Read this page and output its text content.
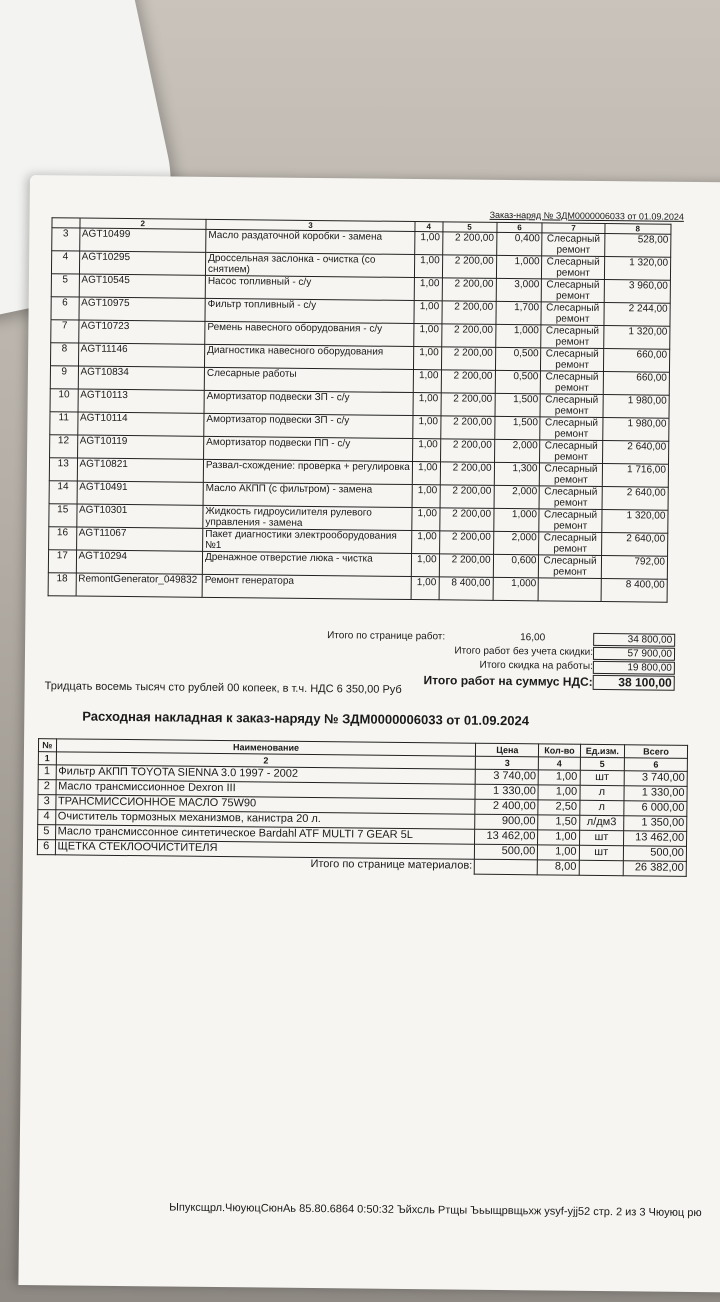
Заказ-наряд № ЗДМ0000006033 от 01.09.2024
	2	3	4	5	6	7	8
3	AGT10499	Масло раздаточной коробки - замена	1,00	2 200,00	0,400	Слесарный ремонт	528,00
4	AGT10295	Дроссельная заслонка - очистка (со снятием)	1,00	2 200,00	1,000	Слесарный ремонт	1 320,00
5	AGT10545	Насос топливный - с/у	1,00	2 200,00	3,000	Слесарный ремонт	3 960,00
6	AGT10975	Фильтр топливный - с/у	1,00	2 200,00	1,700	Слесарный ремонт	2 244,00
7	AGT10723	Ремень навесного оборудования - с/у	1,00	2 200,00	1,000	Слесарный ремонт	1 320,00
8	AGT11146	Диагностика навесного оборудования	1,00	2 200,00	0,500	Слесарный ремонт	660,00
9	AGT10834	Слесарные работы	1,00	2 200,00	0,500	Слесарный ремонт	660,00
10	AGT10113	Амортизатор подвески ЗП - с/у	1,00	2 200,00	1,500	Слесарный ремонт	1 980,00
11	AGT10114	Амортизатор подвески ЗП - с/у	1,00	2 200,00	1,500	Слесарный ремонт	1 980,00
12	AGT10119	Амортизатор подвески ПП - с/у	1,00	2 200,00	2,000	Слесарный ремонт	2 640,00
13	AGT10821	Развал-схождение: проверка + регулировка	1,00	2 200,00	1,300	Слесарный ремонт	1 716,00
14	AGT10491	Масло АКПП (с фильтром) - замена	1,00	2 200,00	2,000	Слесарный ремонт	2 640,00
15	AGT10301	Жидкость гидроусилителя рулевого управления - замена	1,00	2 200,00	1,000	Слесарный ремонт	1 320,00
16	AGT11067	Пакет диагностики электрооборудования №1	1,00	2 200,00	2,000	Слесарный ремонт	2 640,00
17	AGT10294	Дренажное отверстие люка - чистка	1,00	2 200,00	0,600	Слесарный ремонт	792,00
18	RemontGenerator_049832	Ремонт генератора	1,00	8 400,00	1,000		8 400,00
Итого по странице работ:	16,00	34 800,00
Итого работ без учета скидки:	57 900,00
Итого скидка на работы:	19 800,00
Итого работ на суммус НДС:	38 100,00
Тридцать восемь тысяч сто рублей 00 копеек, в т.ч. НДС 6 350,00 Руб
Расходная накладная к заказ-наряду № ЗДМ0000006033 от 01.09.2024
№	Наименование	Цена	Кол-во	Ед.изм.	Всего
1	2	3	4	5	6
1	Фильтр АКПП TOYOTA SIENNA 3.0 1997 - 2002	3 740,00	1,00	шт	3 740,00
2	Масло трансмиссионное Dexron III	1 330,00	1,00	л	1 330,00
3	ТРАНСМИССИОННОЕ МАСЛО 75W90	2 400,00	2,50	л	6 000,00
4	Очиститель тормозных механизмов, канистра 20 л.	900,00	1,50	л/дм3	1 350,00
5	Масло трансмиссонное синтетическое Bardahl ATF MULTI 7 GEAR 5L	13 462,00	1,00	шт	13 462,00
6	ЩЕТКА СТЕКЛООЧИСТИТЕЛЯ	500,00	1,00	шт	500,00
Итого по странице материалов:			8,00		26 382,00
Ыпуксщрл.ЧюуюцСюнАь 85.80.6864 0:50:32 Ъйхсль Ртщы Ъьыщрвщьхж ysyf-yjj52 стр. 2 из 3 Чюуюц рю
